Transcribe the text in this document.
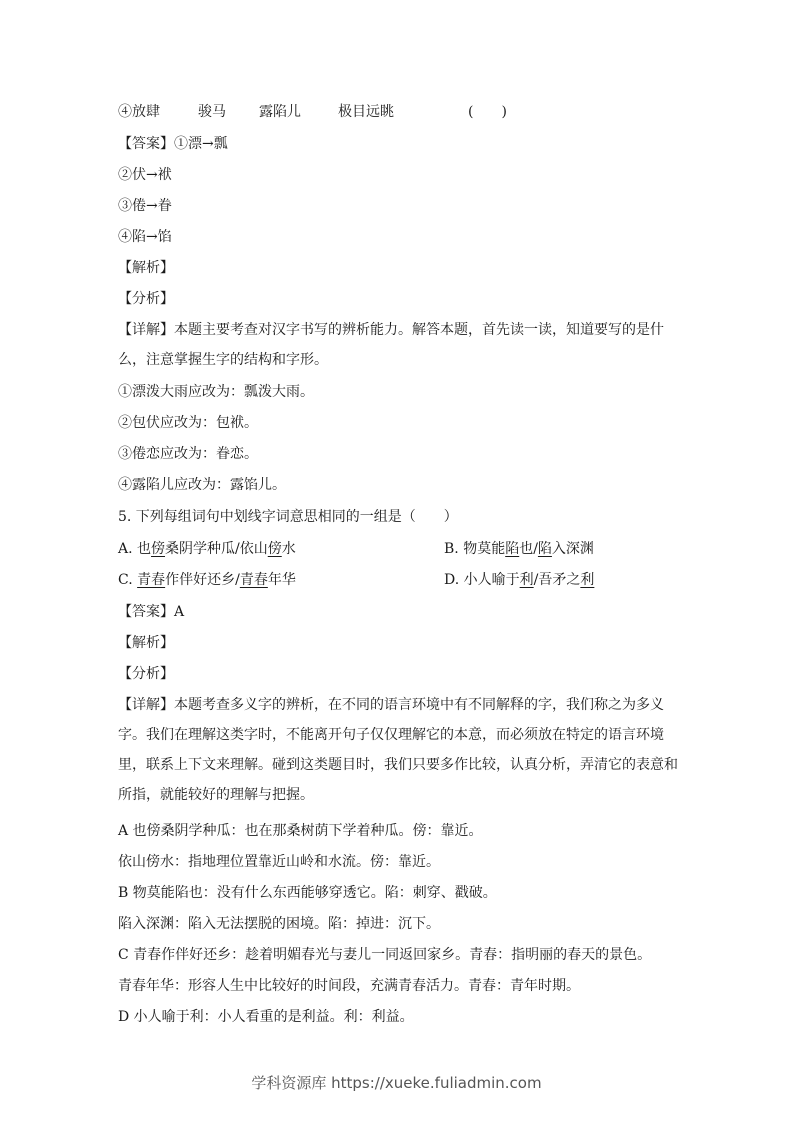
④放肆	骏马 露陷儿	极目远眺	(　　)
【答案】①漂→瓢
②伏→袱
③倦→眷
④陷→馅
【解析】
【分析】
【详解】本题主要考查对汉字书写的辨析能力。解答本题，首先读一读，知道要写的是什么，注意掌握生字的结构和字形。
①漂泼大雨应改为：瓢泼大雨。
②包伏应改为：包袱。
③倦恋应改为：眷恋。
④露陷儿应改为：露馅儿。
5. 下列每组词句中划线字词意思相同的一组是（　　）
A. 也傍桑阴学种瓜/依山傍水	B. 物莫能陷也/陷入深渊
C. 青春作伴好还乡/青春年华	D. 小人喻于利/吾矛之利
【答案】A
【解析】
【分析】
【详解】本题考查多义字的辨析，在不同的语言环境中有不同解释的字，我们称之为多义字。我们在理解这类字时，不能离开句子仅仅理解它的本意，而必须放在特定的语言环境里，联系上下文来理解。碰到这类题目时，我们只要多作比较，认真分析，弄清它的表意和所指，就能较好的理解与把握。
A 也傍桑阴学种瓜：也在那桑树荫下学着种瓜。傍：靠近。
依山傍水：指地理位置靠近山岭和水流。傍：靠近。
B 物莫能陷也：没有什么东西能够穿透它。陷：刺穿、戳破。
陷入深渊：陷入无法摆脱的困境。陷：掉进：沉下。
C 青春作伴好还乡：趁着明媚春光与妻儿一同返回家乡。青春：指明丽的春天的景色。
青春年华：形容人生中比较好的时间段，充满青春活力。青春：青年时期。
D 小人喻于利：小人看重的是利益。利：利益。
学科资源库 https://xueke.fuliadmin.com
